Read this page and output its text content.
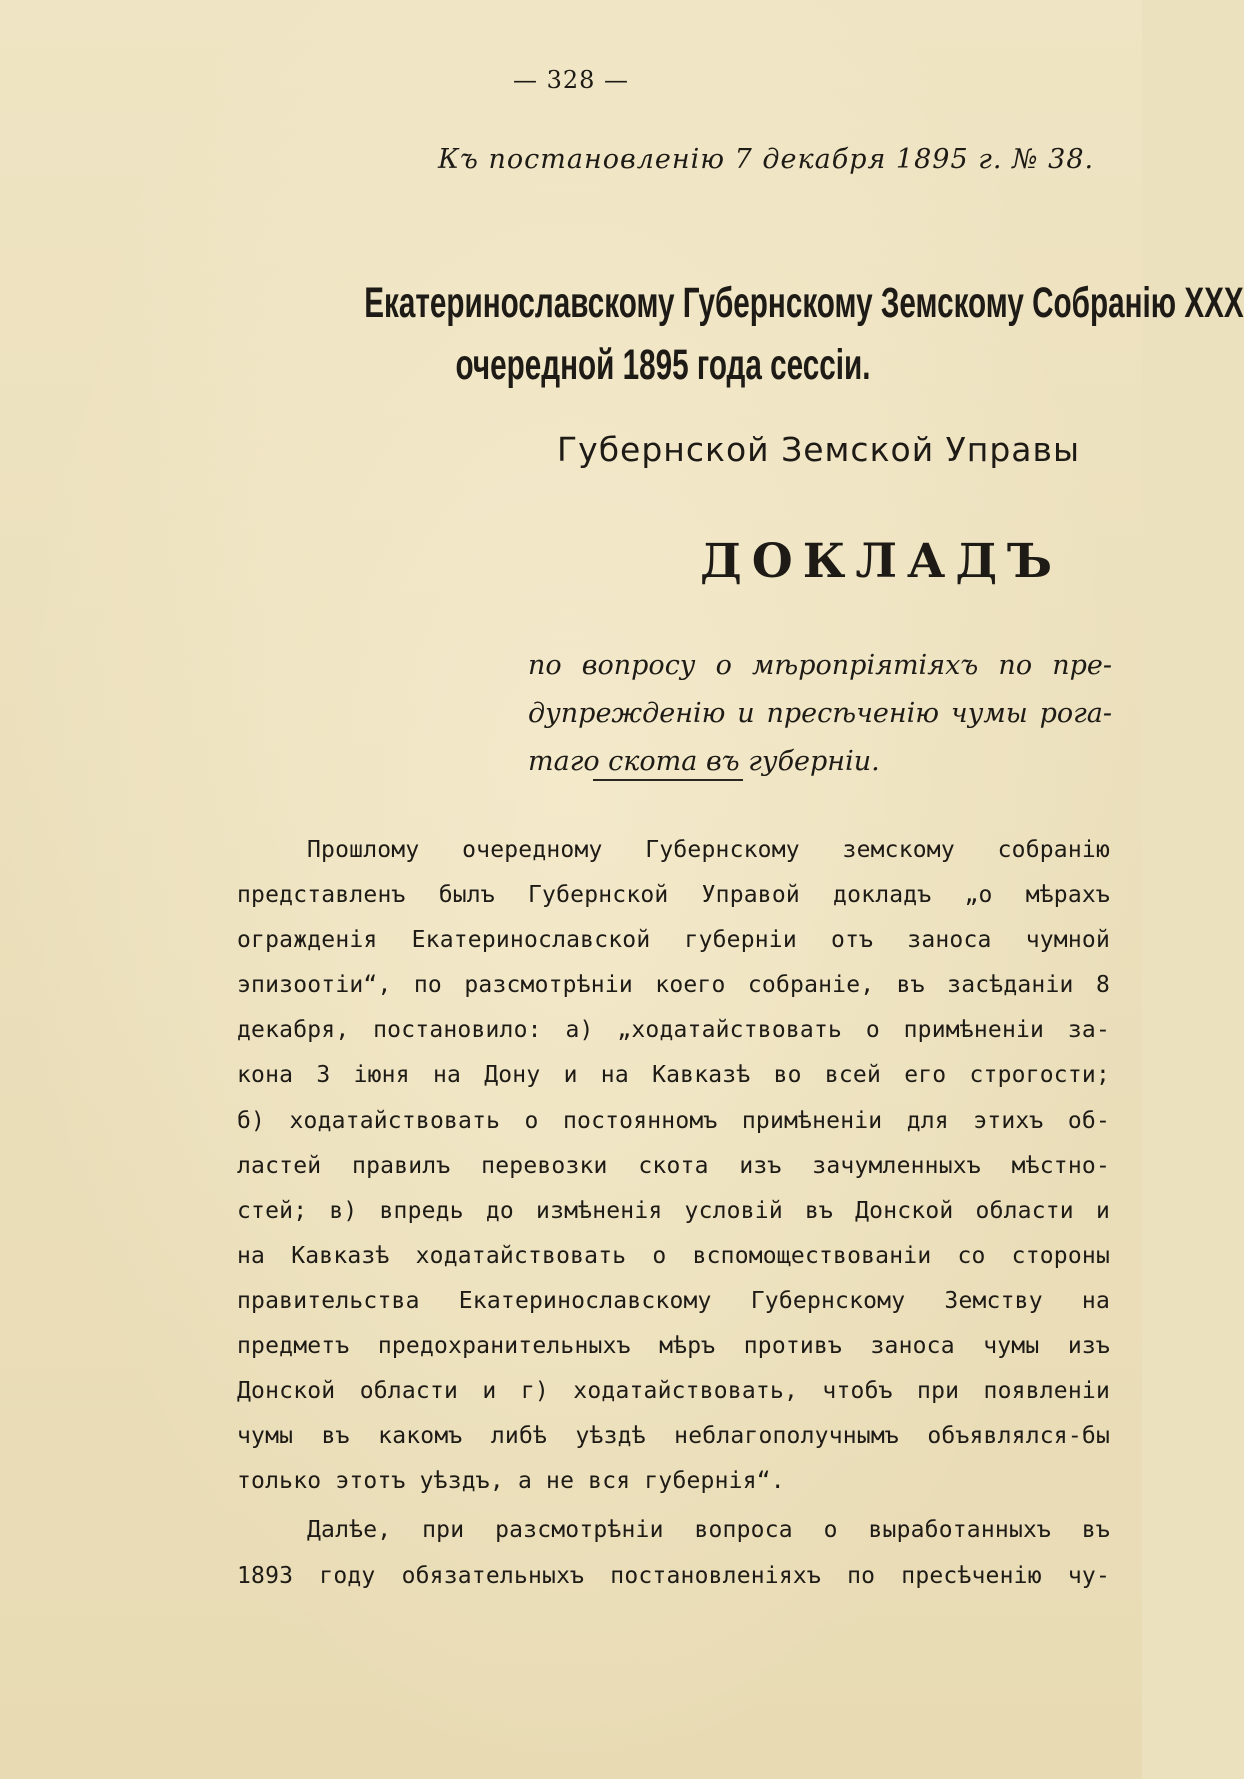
— 328 —
Къ постановленію 7 декабря 1895 г. № 38.
Екатеринославскому Губернскому Земскому Собранію XXX
очередной 1895 года сессіи.
Губернской Земской Управы
ДОКЛАДЪ
по вопросу о мѣропріятіяхъ по пре-
дупрежденію и пресѣченію чумы рога-
таго скота въ губерніи.
Прошлому очередному Губернскому земскому собранію
представленъ былъ Губернской Управой докладъ „о мѣрахъ
огражденія Екатеринославской губерніи отъ заноса чумной
эпизоотіи“, по разсмотрѣніи коего собраніе, въ засѣданіи 8
декабря, постановило: а) „ходатайствовать о примѣненіи за-
кона 3 іюня на Дону и на Кавказѣ во всей его строгости;
б) ходатайствовать о постоянномъ примѣненіи для этихъ об-
ластей правилъ перевозки скота изъ зачумленныхъ мѣстно-
стей; в) впредь до измѣненія условій въ Донской области и
на Кавказѣ ходатайствовать о вспомоществованіи со стороны
правительства Екатеринославскому Губернскому Земству на
предметъ предохранительныхъ мѣръ противъ заноса чумы изъ
Донской области и г) ходатайствовать, чтобъ при появленіи
чумы въ какомъ либѣ уѣздѣ неблагополучнымъ объявлялся-бы
только этотъ уѣздъ, а не вся губернія“.
Далѣе, при разсмотрѣніи вопроса о выработанныхъ въ
1893 году обязательныхъ постановленіяхъ по пресѣченію чу-
